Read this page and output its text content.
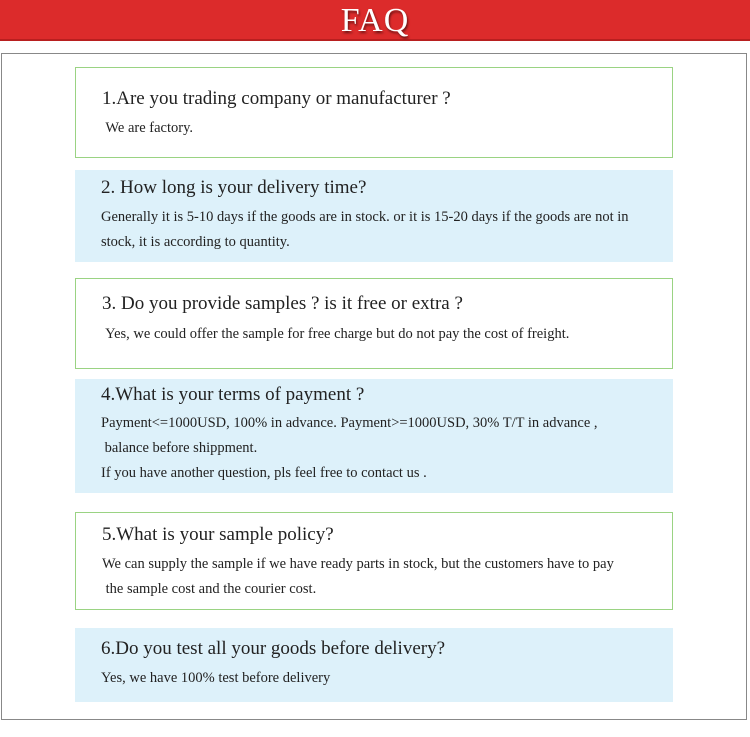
FAQ
1.Are you trading company or manufacturer ?
We are factory.
2. How long is your delivery time?
Generally it is 5-10 days if the goods are in stock. or it is 15-20 days if the goods are not in
stock, it is according to quantity.
3. Do you provide samples ? is it free or extra ?
Yes, we could offer the sample for free charge but do not pay the cost of freight.
4.What is your terms of payment ?
Payment<=1000USD, 100% in advance. Payment>=1000USD, 30% T/T in advance ,
balance before shippment.
If you have another question, pls feel free to contact us .
5.What is your sample policy?
We can supply the sample if we have ready parts in stock, but the customers have to pay
the sample cost and the courier cost.
6.Do you test all your goods before delivery?
Yes, we have 100% test before delivery
